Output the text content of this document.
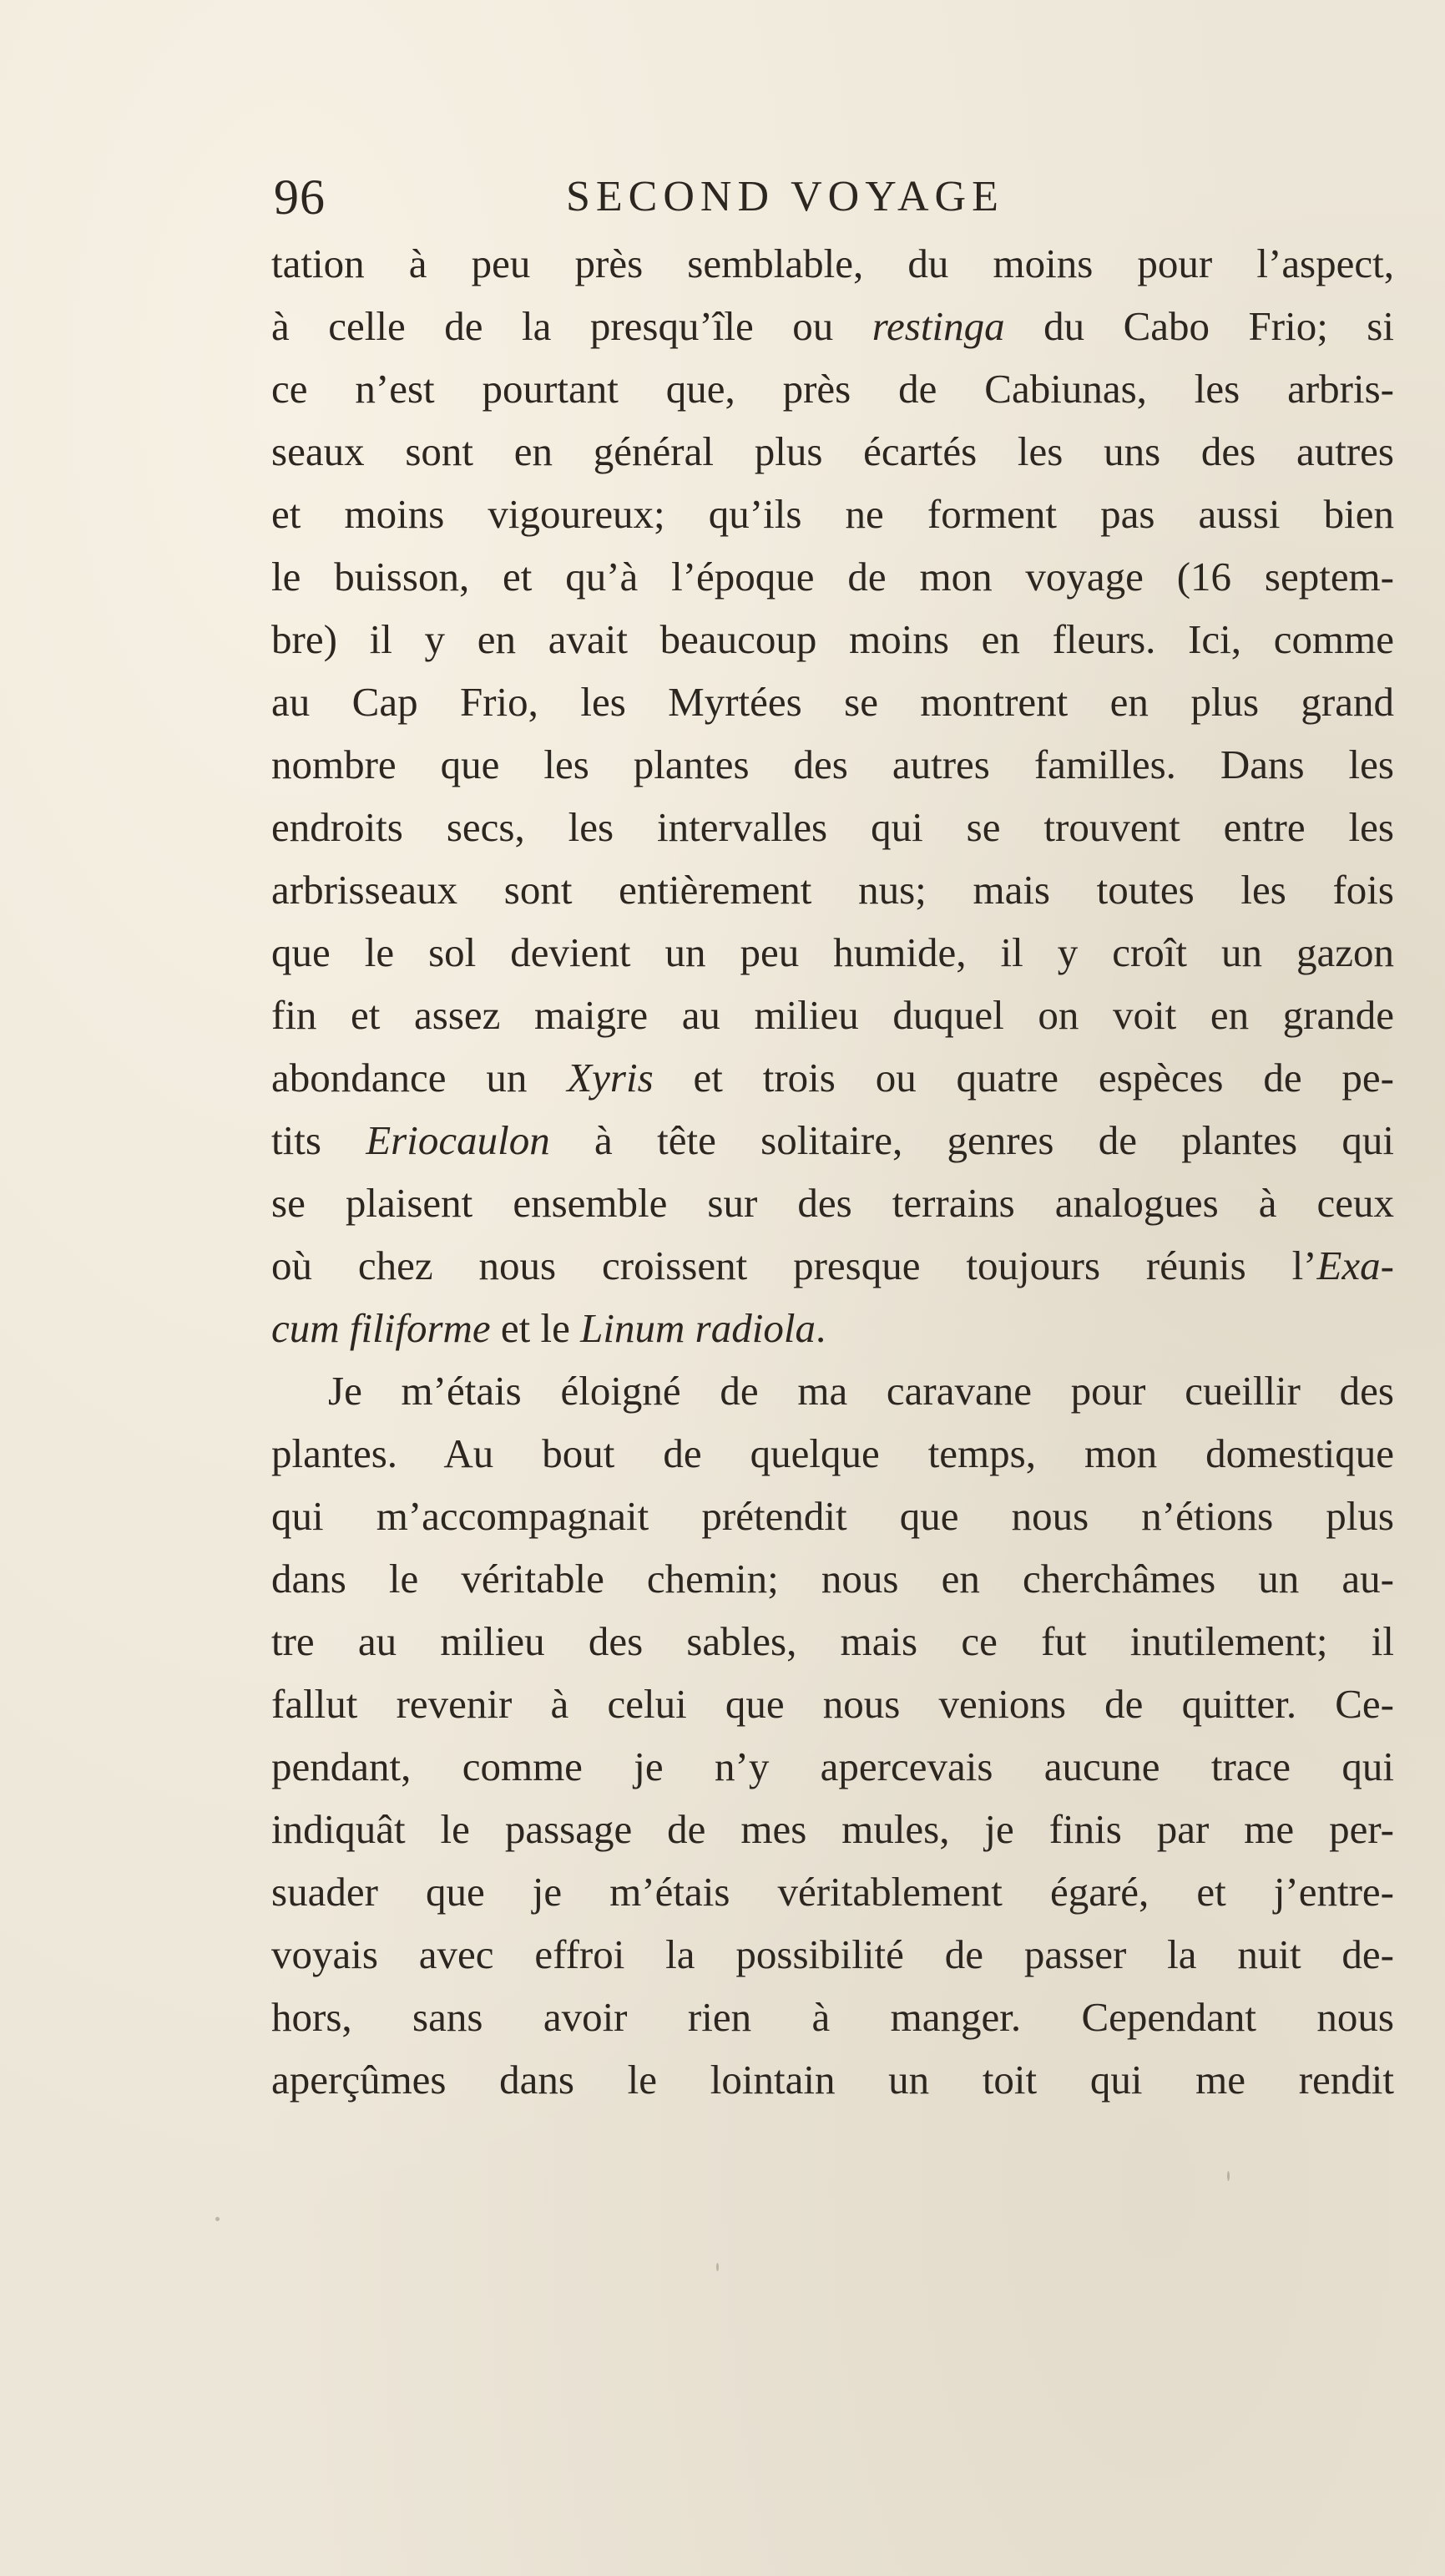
96	SECOND VOYAGE
tation à peu près semblable, du moins pour l’aspect,
à celle de la presqu’île ou restinga du Cabo Frio; si
ce n’est pourtant que, près de Cabiunas, les arbris-
seaux sont en général plus écartés les uns des autres
et moins vigoureux; qu’ils ne forment pas aussi bien
le buisson, et qu’à l’époque de mon voyage (16 septem-
bre) il y en avait beaucoup moins en fleurs. Ici, comme
au Cap Frio, les Myrtées se montrent en plus grand
nombre que les plantes des autres familles. Dans les
endroits secs, les intervalles qui se trouvent entre les
arbrisseaux sont entièrement nus; mais toutes les fois
que le sol devient un peu humide, il y croît un gazon
fin et assez maigre au milieu duquel on voit en grande
abondance un Xyris et trois ou quatre espèces de pe-
tits Eriocaulon à tête solitaire, genres de plantes qui
se plaisent ensemble sur des terrains analogues à ceux
où chez nous croissent presque toujours réunis l’Exa-
cum filiforme et le Linum radiola.
Je m’étais éloigné de ma caravane pour cueillir des
plantes. Au bout de quelque temps, mon domestique
qui m’accompagnait prétendit que nous n’étions plus
dans le véritable chemin; nous en cherchâmes un au-
tre au milieu des sables, mais ce fut inutilement; il
fallut revenir à celui que nous venions de quitter. Ce-
pendant, comme je n’y apercevais aucune trace qui
indiquât le passage de mes mules, je finis par me per-
suader que je m’étais véritablement égaré, et j’entre-
voyais avec effroi la possibilité de passer la nuit de-
hors, sans avoir rien à manger. Cependant nous
aperçûmes dans le lointain un toit qui me rendit
